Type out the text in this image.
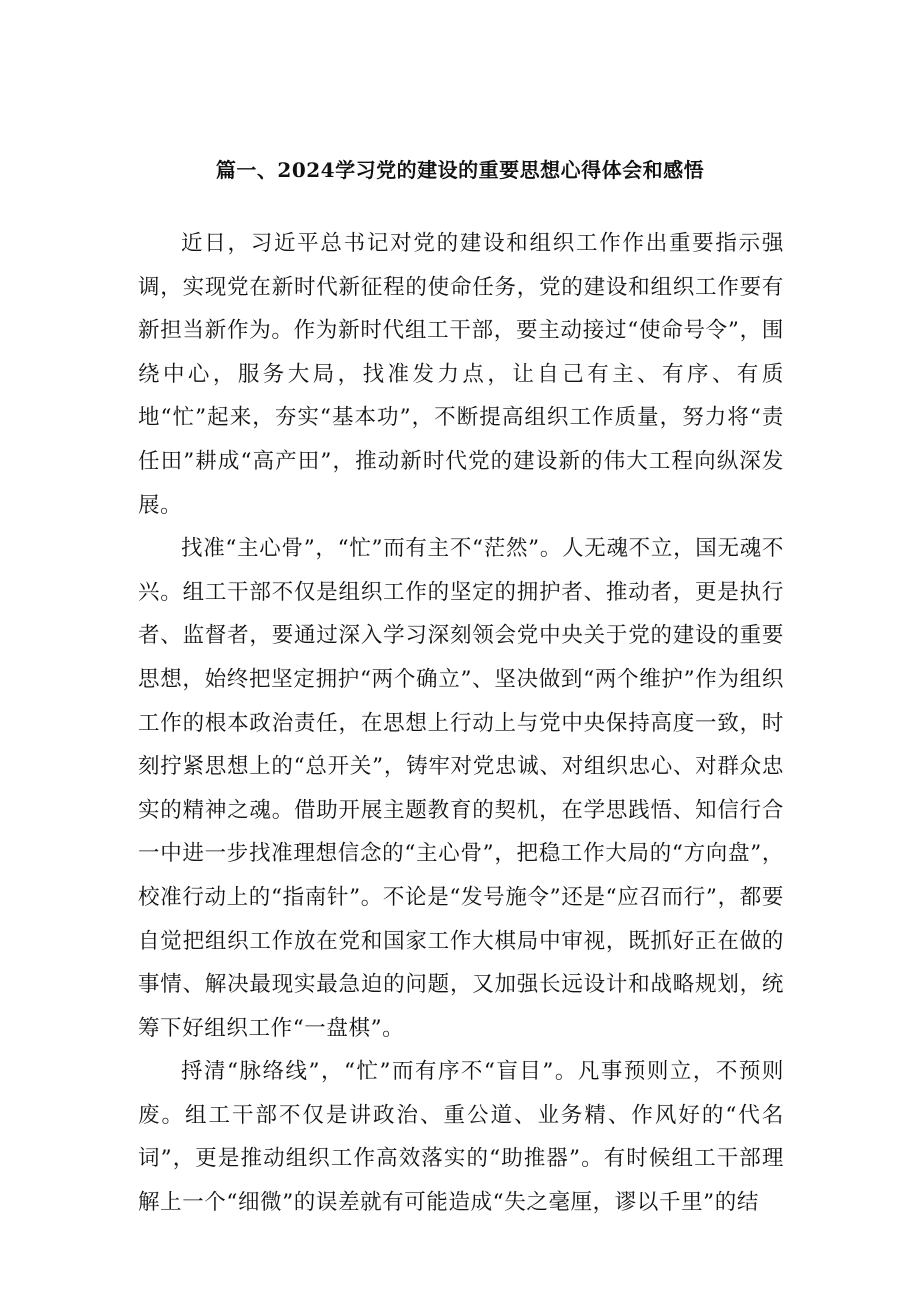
篇一、2024学习党的建设的重要思想心得体会和感悟

近日，习近平总书记对党的建设和组织工作作出重要指示强调，实现党在新时代新征程的使命任务，党的建设和组织工作要有新担当新作为。作为新时代组工干部，要主动接过“使命号令”，围绕中心，服务大局，找准发力点，让自己有主、有序、有质地“忙”起来，夯实“基本功”，不断提高组织工作质量，努力将“责任田”耕成“高产田”，推动新时代党的建设新的伟大工程向纵深发展。

找准“主心骨”，“忙”而有主不“茫然”。人无魂不立，国无魂不兴。组工干部不仅是组织工作的坚定的拥护者、推动者，更是执行者、监督者，要通过深入学习深刻领会党中央关于党的建设的重要思想，始终把坚定拥护“两个确立”、坚决做到“两个维护”作为组织工作的根本政治责任，在思想上行动上与党中央保持高度一致，时刻拧紧思想上的“总开关”，铸牢对党忠诚、对组织忠心、对群众忠实的精神之魂。借助开展主题教育的契机，在学思践悟、知信行合一中进一步找准理想信念的“主心骨”，把稳工作大局的“方向盘”，校准行动上的“指南针”。不论是“发号施令”还是“应召而行”，都要自觉把组织工作放在党和国家工作大棋局中审视，既抓好正在做的事情、解决最现实最急迫的问题，又加强长远设计和战略规划，统筹下好组织工作“一盘棋”。

捋清“脉络线”，“忙”而有序不“盲目”。凡事预则立，不预则废。组工干部不仅是讲政治、重公道、业务精、作风好的“代名词”，更是推动组织工作高效落实的“助推器”。有时候组工干部理解上一个“细微”的误差就有可能造成“失之毫厘，谬以千里”的结
